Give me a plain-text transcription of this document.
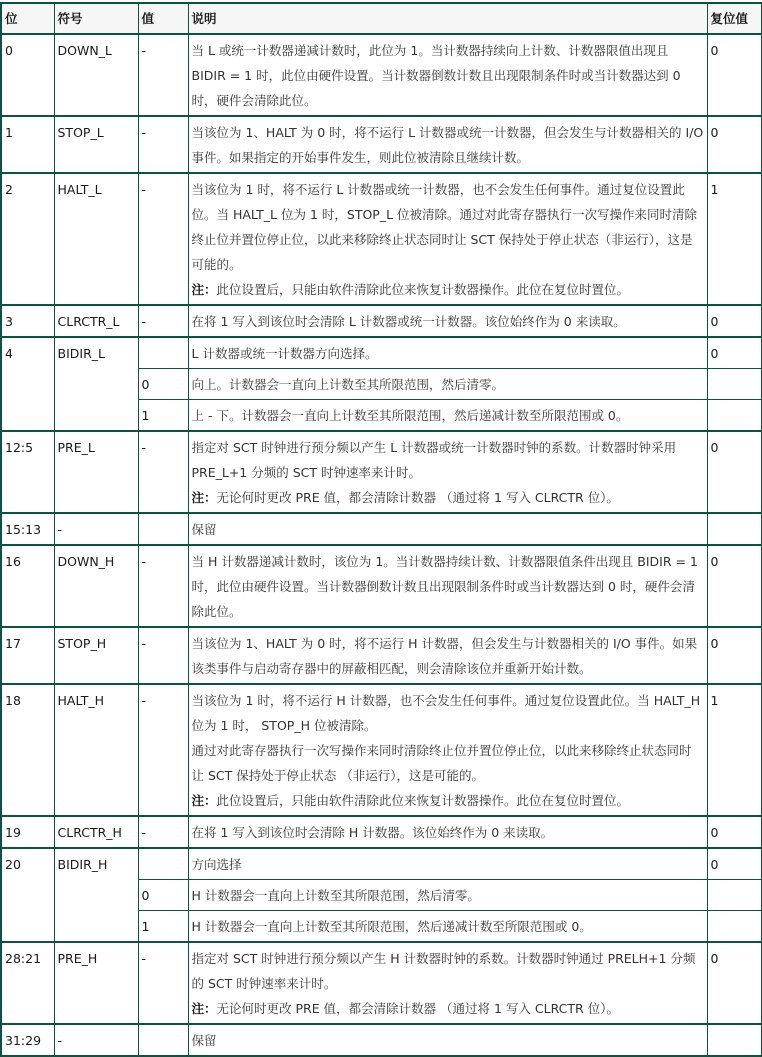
位	符号	值	说明	复位值
0	DOWN_L	-	当 L 或统一计数器递减计数时，此位为 1。当计数器持续向上计数、计数器限值出现且 BIDIR = 1 时，此位由硬件设置。当计数器倒数计数且出现限制条件时或当计数器达到 0 时，硬件会清除此位。	0
1	STOP_L	-	当该位为 1、HALT 为 0 时，将不运行 L 计数器或统一计数器，但会发生与计数器相关的 I/O 事件。如果指定的开始事件发生，则此位被清除且继续计数。	0
2	HALT_L	-	当该位为 1 时，将不运行 L 计数器或统一计数器，也不会发生任何事件。通过复位设置此位。当 HALT_L 位为 1 时，STOP_L 位被清除。通过对此寄存器执行一次写操作来同时清除终止位并置位停止位，以此来移除终止状态同时让 SCT 保持处于停止状态（非运行），这是可能的。
注：此位设置后，只能由软件清除此位来恢复计数器操作。此位在复位时置位。	1
3	CLRCTR_L	-	在将 1 写入到该位时会清除 L 计数器或统一计数器。该位始终作为 0 来读取。	0
4	BIDIR_L		L 计数器或统一计数器方向选择。	0
		0	向上。计数器会一直向上计数至其所限范围，然后清零。	
		1	上 - 下。计数器会一直向上计数至其所限范围，然后递减计数至所限范围或 0。	
12:5	PRE_L	-	指定对 SCT 时钟进行预分频以产生 L 计数器或统一计数器时钟的系数。计数器时钟采用 PRE_L+1 分频的 SCT 时钟速率来计时。
注：无论何时更改 PRE 值，都会清除计数器 （通过将 1 写入 CLRCTR 位）。	0
15:13	-		保留	

16	DOWN_H	-	当 H 计数器递减计数时，该位为 1。当计数器持续计数、计数器限值条件出现且 BIDIR = 1 时，此位由硬件设置。当计数器倒数计数且出现限制条件时或当计数器达到 0 时，硬件会清除此位。	0
17	STOP_H	-	当该位为 1、HALT 为 0 时，将不运行 H 计数器，但会发生与计数器相关的 I/O 事件。如果该类事件与启动寄存器中的屏蔽相匹配，则会清除该位并重新开始计数。	0
18	HALT_H	-	当该位为 1 时，将不运行 H 计数器，也不会发生任何事件。通过复位设置此位。当 HALT_H 位为 1 时， STOP_H 位被清除。
通过对此寄存器执行一次写操作来同时清除终止位并置位停止位，以此来移除终止状态同时让 SCT 保持处于停止状态 （非运行），这是可能的。
注：此位设置后，只能由软件清除此位来恢复计数器操作。此位在复位时置位。	1
19	CLRCTR_H	-	在将 1 写入到该位时会清除 H 计数器。该位始终作为 0 来读取。	0
20	BIDIR_H		方向选择	0
		0	H 计数器会一直向上计数至其所限范围，然后清零。	
		1	H 计数器会一直向上计数至其所限范围，然后递减计数至所限范围或 0。	
28:21	PRE_H	-	指定对 SCT 时钟进行预分频以产生 H 计数器时钟的系数。计数器时钟通过 PRELH+1 分频的 SCT 时钟速率来计时。
注：无论何时更改 PRE 值，都会清除计数器 （通过将 1 写入 CLRCTR 位）。	0
31:29	-		保留	
